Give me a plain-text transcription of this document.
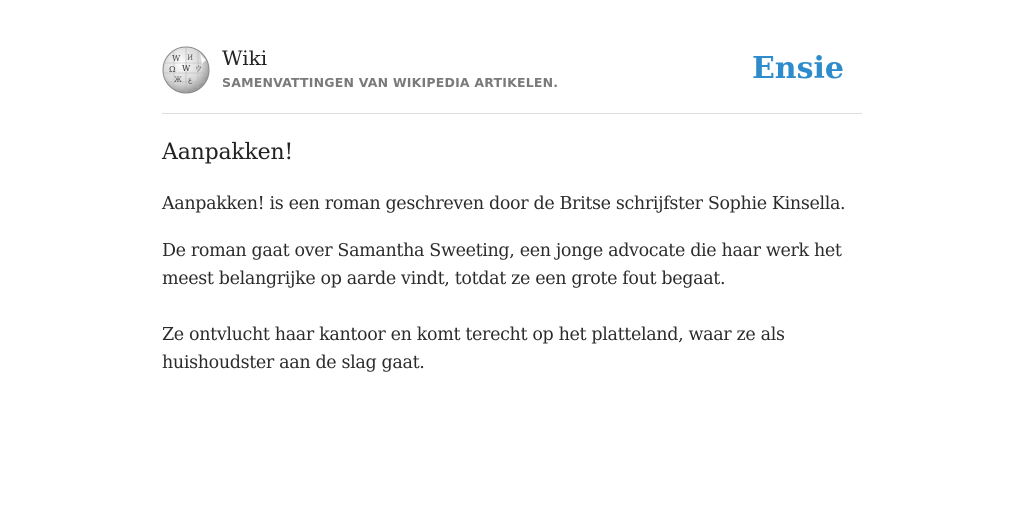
W И
Ω W ウ
Ж ع
Wiki
SAMENVATTINGEN VAN WIKIPEDIA ARTIKELEN.	Ensie
Aanpakken!

Aanpakken! is een roman geschreven door de Britse schrijfster Sophie Kinsella.

De roman gaat over Samantha Sweeting, een jonge advocate die haar werk het meest belangrijke op aarde vindt, totdat ze een grote fout begaat.

Ze ontvlucht haar kantoor en komt terecht op het platteland, waar ze als huishoudster aan de slag gaat.
